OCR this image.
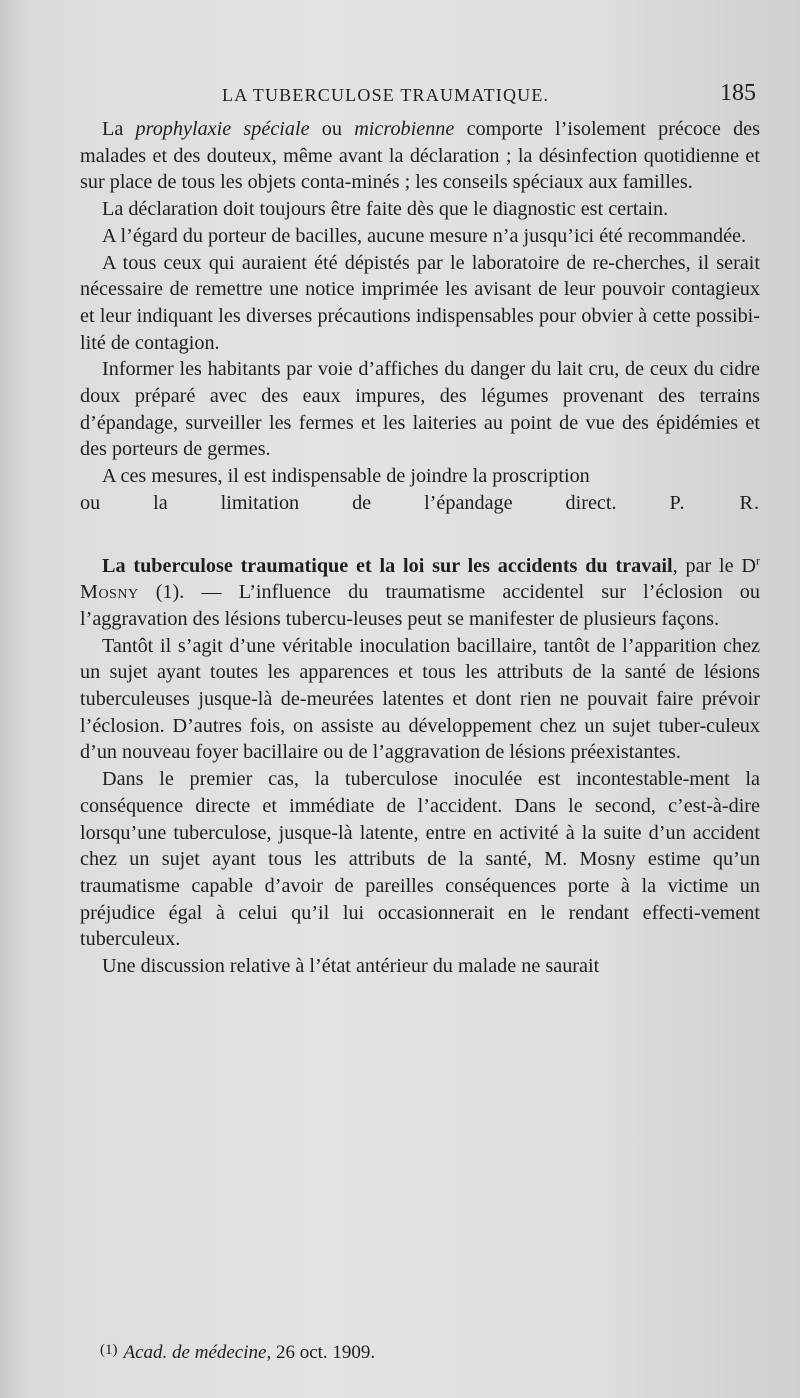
LA TUBERCULOSE TRAUMATIQUE.	185

La prophylaxie spéciale ou microbienne comporte l’isolement précoce des malades et des douteux, même avant la déclaration ; la désinfection quotidienne et sur place de tous les objets conta-minés ; les conseils spéciaux aux familles.

La déclaration doit toujours être faite dès que le diagnostic est certain.

A l’égard du porteur de bacilles, aucune mesure n’a jusqu’ici été recommandée.

A tous ceux qui auraient été dépistés par le laboratoire de re-cherches, il serait nécessaire de remettre une notice imprimée les avisant de leur pouvoir contagieux et leur indiquant les diverses précautions indispensables pour obvier à cette possibi-lité de contagion.

Informer les habitants par voie d’affiches du danger du lait cru, de ceux du cidre doux préparé avec des eaux impures, des légumes provenant des terrains d’épandage, surveiller les fermes et les laiteries au point de vue des épidémies et des porteurs de germes.

A ces mesures, il est indispensable de joindre la proscription

ou la limitation de l’épandage direct.	P. R.

La tuberculose traumatique et la loi sur les accidents du travail, par le $D^r$ Mosny (1). — L’influence du traumatisme accidentel sur l’éclosion ou l’aggravation des lésions tubercu-leuses peut se manifester de plusieurs façons.

Tantôt il s’agit d’une véritable inoculation bacillaire, tantôt de l’apparition chez un sujet ayant toutes les apparences et tous les attributs de la santé de lésions tuberculeuses jusque-là de-meurées latentes et dont rien ne pouvait faire prévoir l’éclosion. D’autres fois, on assiste au développement chez un sujet tuber-culeux d’un nouveau foyer bacillaire ou de l’aggravation de lésions préexistantes.

Dans le premier cas, la tuberculose inoculée est incontestable-ment la conséquence directe et immédiate de l’accident. Dans le second, c’est-à-dire lorsqu’une tuberculose, jusque-là latente, entre en activité à la suite d’un accident chez un sujet ayant tous les attributs de la santé, M. Mosny estime qu’un traumatisme capable d’avoir de pareilles conséquences porte à la victime un préjudice égal à celui qu’il lui occasionnerait en le rendant effecti-vement tuberculeux.

Une discussion relative à l’état antérieur du malade ne saurait

$^{(1)}$ Acad. de médecine, 26 oct. 1909.
